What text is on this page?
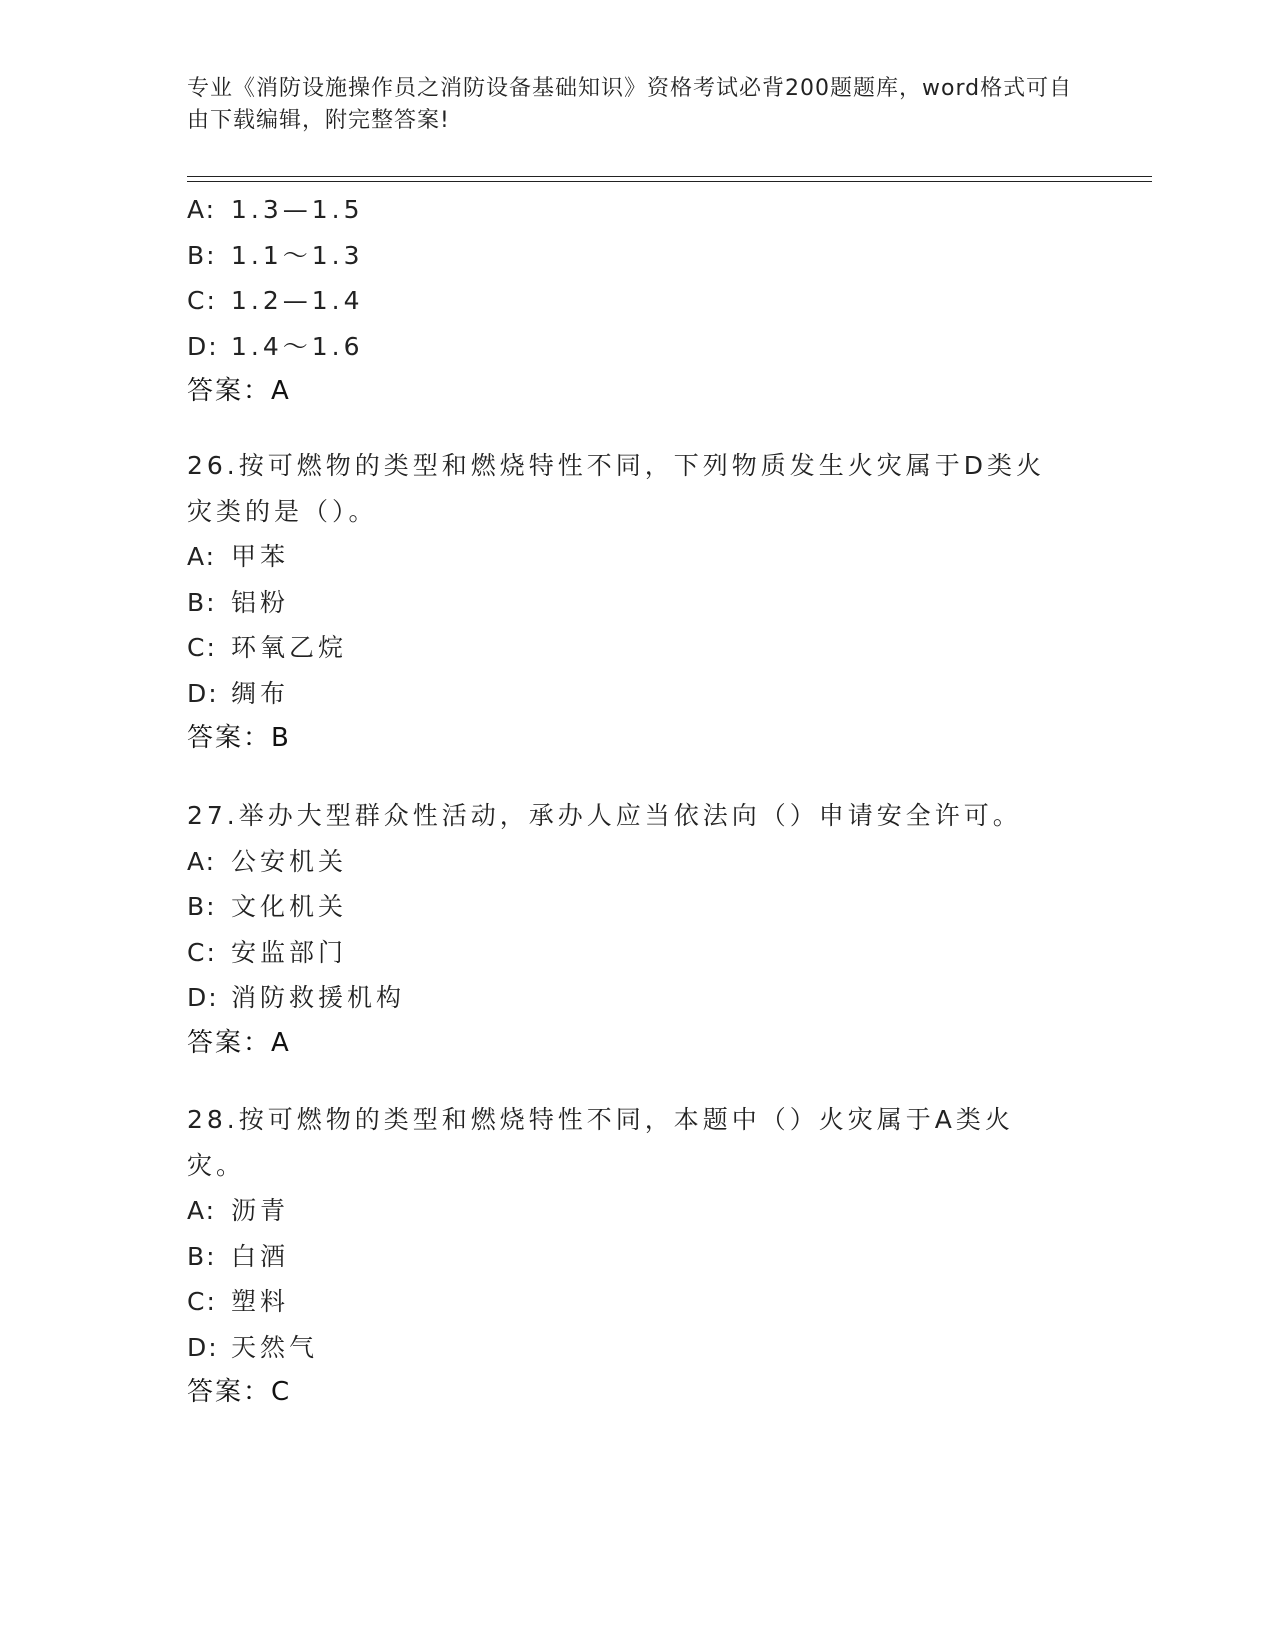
专业《消防设施操作员之消防设备基础知识》资格考试必背200题题库，word格式可自由下载编辑，附完整答案!
A: 1.3—1.5
B: 1.1～1.3
C: 1.2—1.4
D: 1.4～1.6
答案：A
26.按可燃物的类型和燃烧特性不同，下列物质发生火灾属于D类火灾类的是（）。
A: 甲苯
B: 铝粉
C: 环氧乙烷
D: 绸布
答案：B
27.举办大型群众性活动，承办人应当依法向（）申请安全许可。
A: 公安机关
B: 文化机关
C: 安监部门
D: 消防救援机构
答案：A
28.按可燃物的类型和燃烧特性不同，本题中（）火灾属于A类火灾。
A: 沥青
B: 白酒
C: 塑料
D: 天然气
答案：C
